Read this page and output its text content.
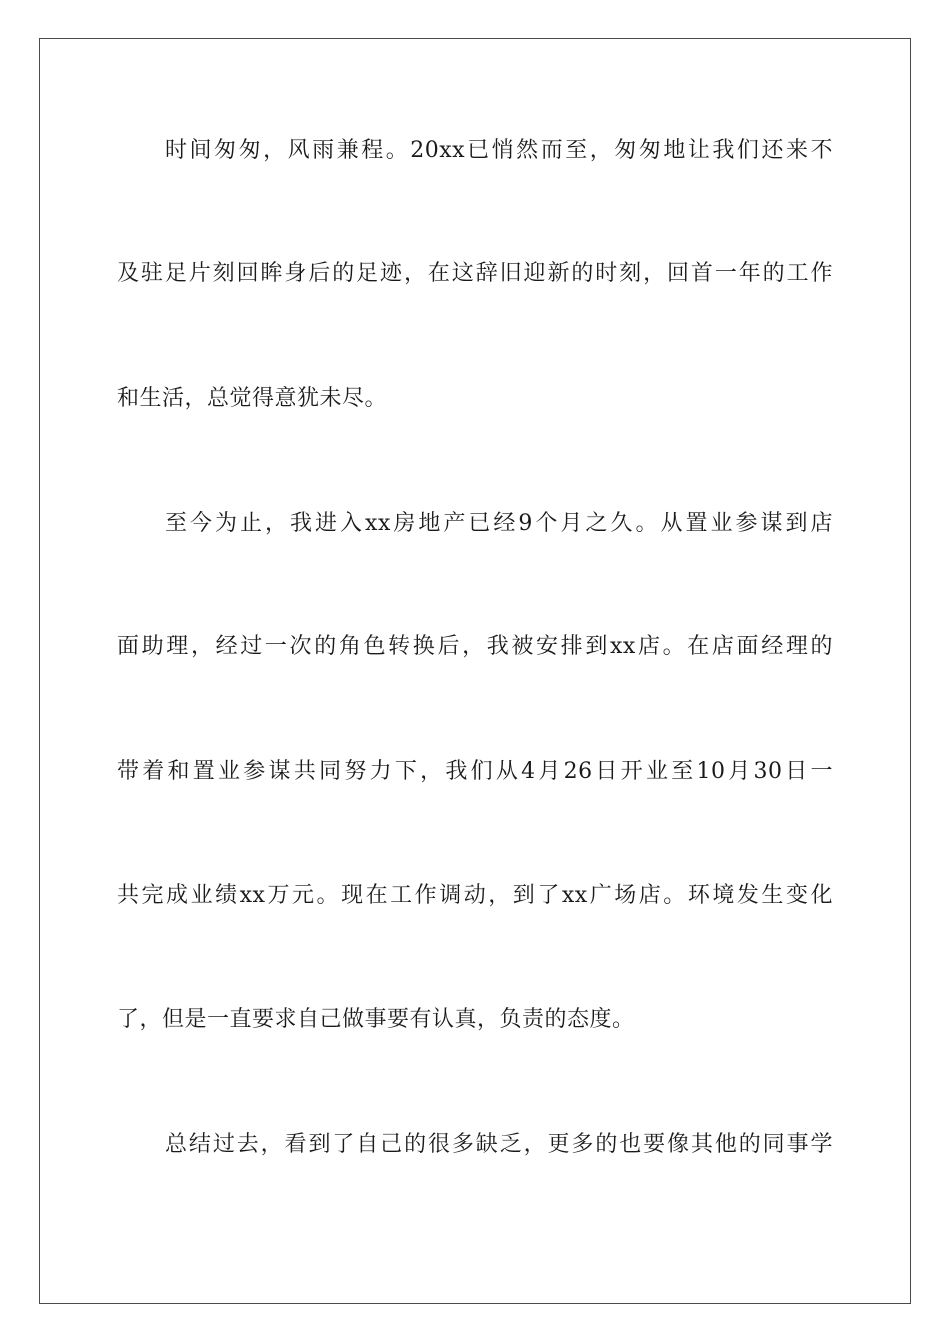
时间匆匆，风雨兼程。20xx已悄然而至，匆匆地让我们还来不
及驻足片刻回眸身后的足迹，在这辞旧迎新的时刻，回首一年的工作
和生活，总觉得意犹未尽。
至今为止，我进入xx房地产已经9个月之久。从置业参谋到店
面助理，经过一次的角色转换后，我被安排到xx店。在店面经理的
带着和置业参谋共同努力下，我们从4月26日开业至10月30日一
共完成业绩xx万元。现在工作调动，到了xx广场店。环境发生变化
了，但是一直要求自己做事要有认真，负责的态度。
总结过去，看到了自己的很多缺乏，更多的也要像其他的同事学
